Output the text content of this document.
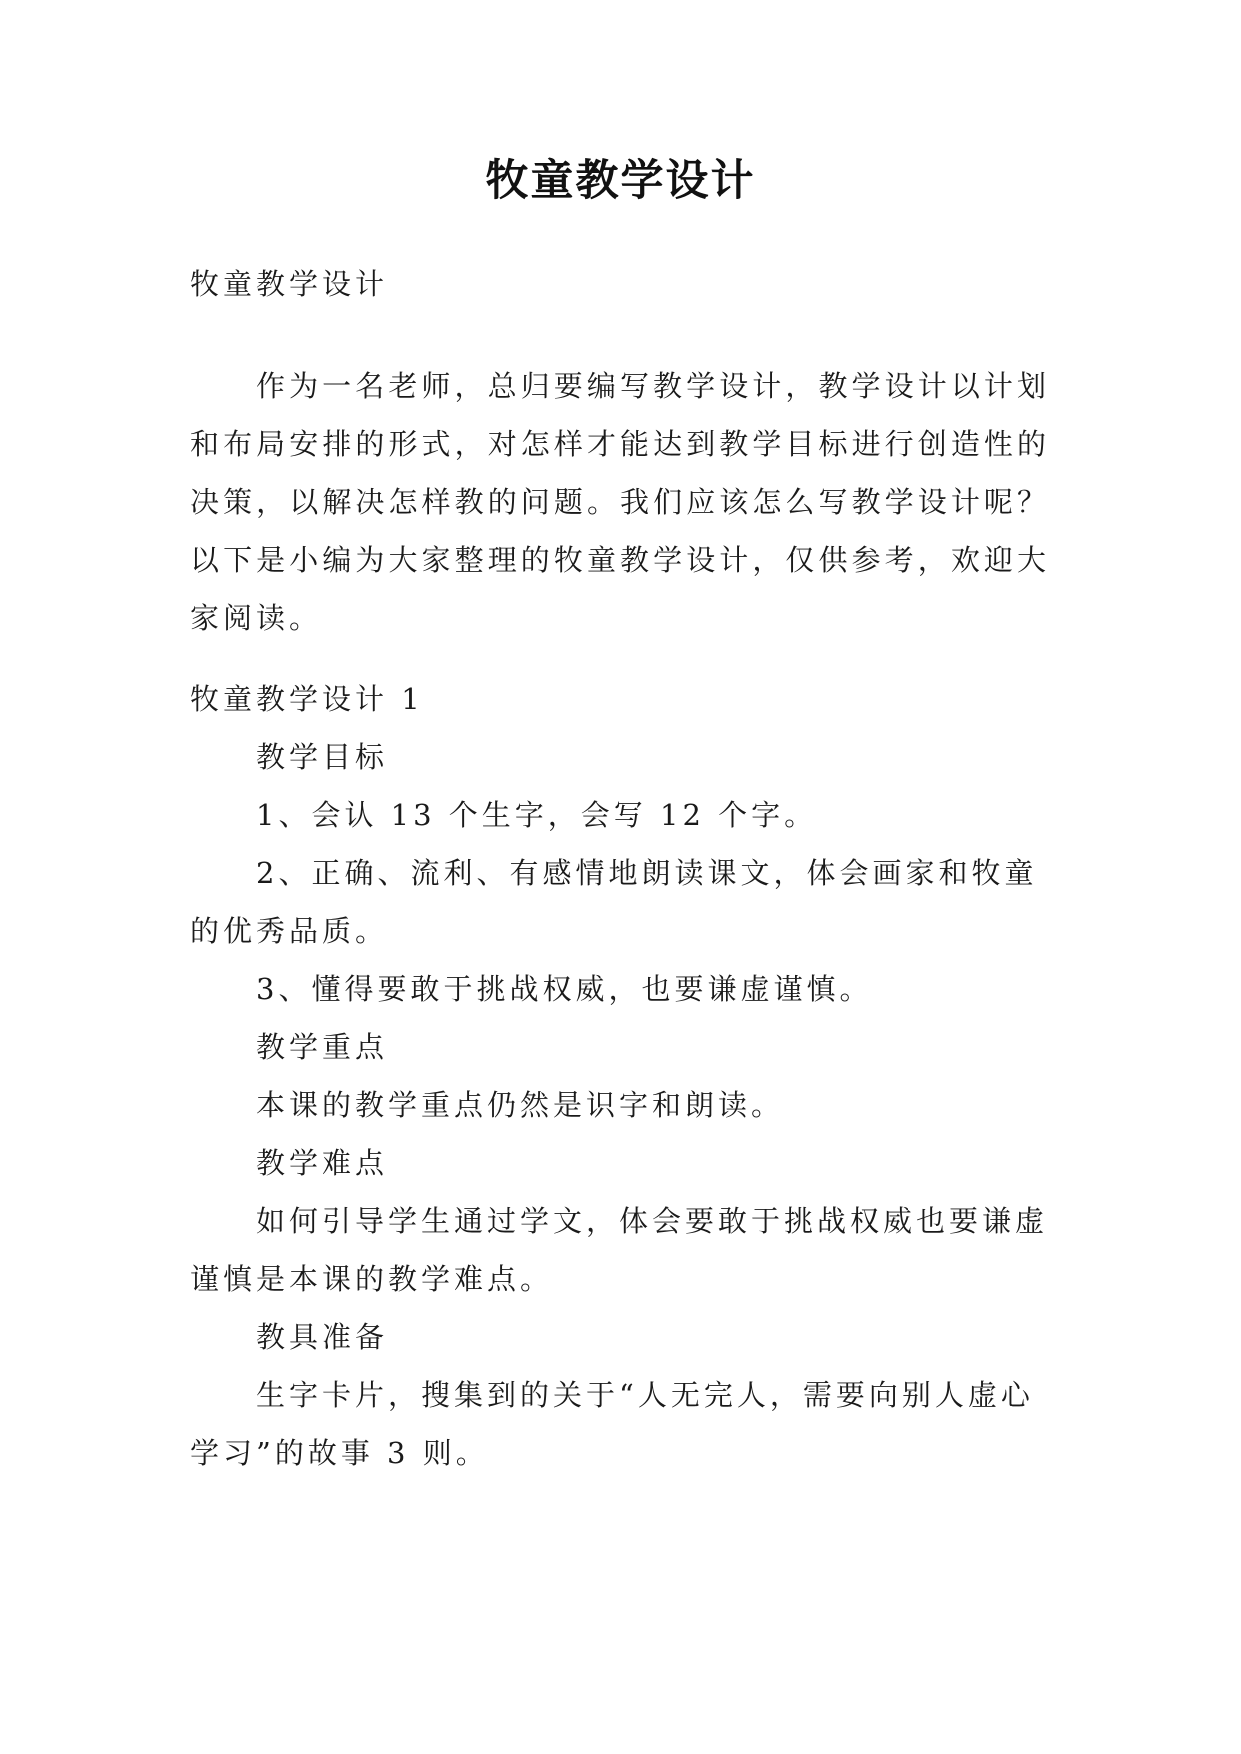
牧童教学设计

牧童教学设计

作为一名老师，总归要编写教学设计，教学设计以计划和布局安排的形式，对怎样才能达到教学目标进行创造性的决策，以解决怎样教的问题。我们应该怎么写教学设计呢？以下是小编为大家整理的牧童教学设计，仅供参考，欢迎大家阅读。

牧童教学设计 1

教学目标

1、会认 13 个生字，会写 12 个字。

2、正确、流利、有感情地朗读课文，体会画家和牧童的优秀品质。

3、懂得要敢于挑战权威，也要谦虚谨慎。

教学重点

本课的教学重点仍然是识字和朗读。

教学难点

如何引导学生通过学文，体会要敢于挑战权威也要谦虚谨慎是本课的教学难点。

教具准备

生字卡片，搜集到的关于“人无完人，需要向别人虚心学习”的故事 3 则。
